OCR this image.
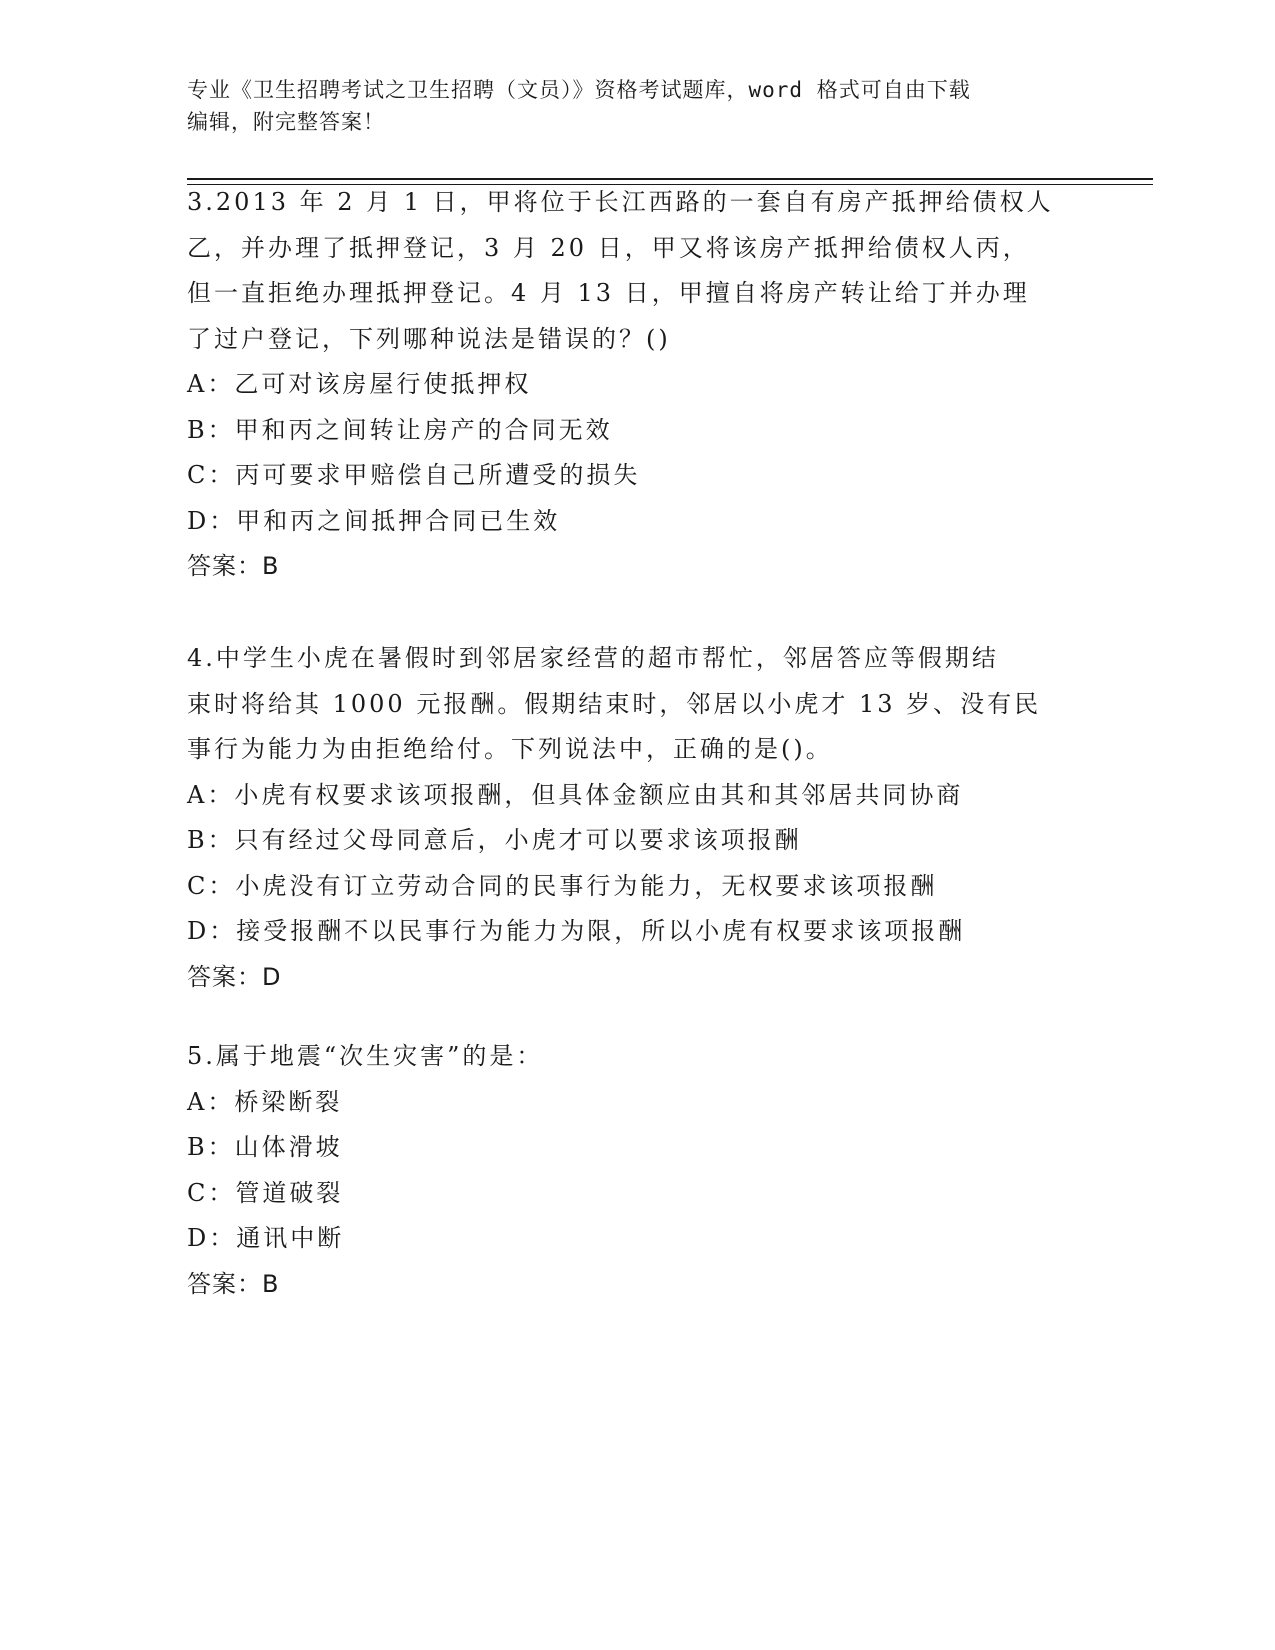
专业《卫生招聘考试之卫生招聘（文员）》资格考试题库，word 格式可自由下载
编辑，附完整答案！
3.2013 年 2 月 1 日，甲将位于长江西路的一套自有房产抵押给债权人
乙，并办理了抵押登记，3 月 20 日，甲又将该房产抵押给债权人丙，
但一直拒绝办理抵押登记。4 月 13 日，甲擅自将房产转让给丁并办理
了过户登记，下列哪种说法是错误的？()
A：乙可对该房屋行使抵押权
B：甲和丙之间转让房产的合同无效
C：丙可要求甲赔偿自己所遭受的损失
D：甲和丙之间抵押合同已生效
答案：B
4.中学生小虎在暑假时到邻居家经营的超市帮忙，邻居答应等假期结
束时将给其 1000 元报酬。假期结束时，邻居以小虎才 13 岁、没有民
事行为能力为由拒绝给付。下列说法中，正确的是()。
A：小虎有权要求该项报酬，但具体金额应由其和其邻居共同协商
B：只有经过父母同意后，小虎才可以要求该项报酬
C：小虎没有订立劳动合同的民事行为能力，无权要求该项报酬
D：接受报酬不以民事行为能力为限，所以小虎有权要求该项报酬
答案：D
5.属于地震“次生灾害”的是：
A：桥梁断裂
B：山体滑坡
C：管道破裂
D：通讯中断
答案：B
